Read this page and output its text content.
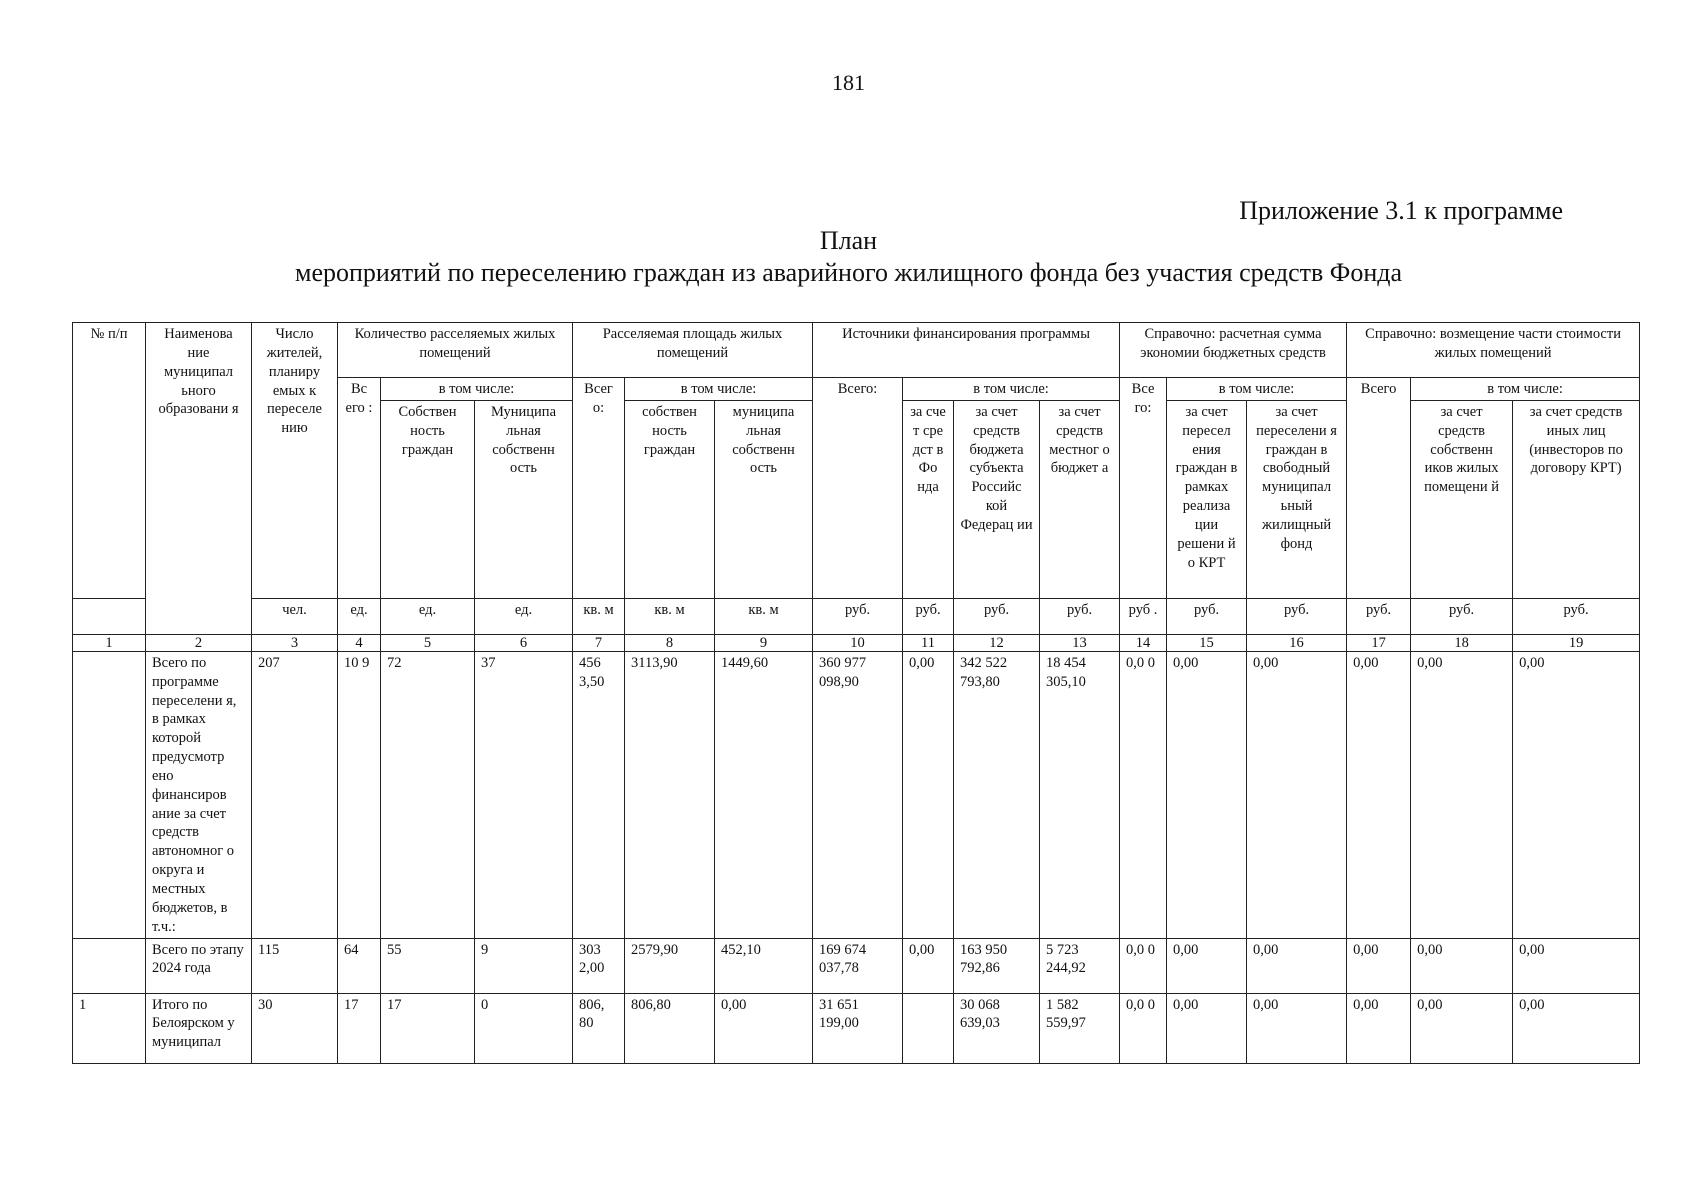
181
Приложение 3.1 к программе
План
мероприятий по переселению граждан из аварийного жилищного фонда без участия средств Фонда
№ п/п	Наименова ние муниципал ьного образовани я	Число жителей, планиру емых к переселе нию	Количество расселяемых жилых помещений			Расселяемая площадь жилых помещений			Источники финансирования программы				Справочно: расчетная сумма экономии бюджетных средств			Справочно: возмещение части стоимости жилых помещений		
			Вс его :	в том числе:		Всег о:	в том числе:		Всего:	в том числе:			Все го:	в том числе:		Всего	в том числе:	
				Собствен ность граждан	Муниципа льная собственн ость		собствен ность граждан	муниципа льная собственн ость		за сче т сре дст в Фо нда	за счет средств бюджета субъекта Российс кой Федерац ии	за счет средств местног о бюджет а		за счет пересел ения граждан в рамках реализа ции решени й о КРТ	за счет переселени я граждан в свободный муниципал ьный жилищный фонд		за счет средств собственн иков жилых помещени й	за счет средств иных лиц (инвесторов по договору КРТ)
		чел.	ед.	ед.	ед.	кв. м	кв. м	кв. м	руб.	руб.	руб.	руб.	руб .	руб.	руб.	руб.	руб.	руб.
1	2	3	4	5	6	7	8	9	10	11	12	13	14	15	16	17	18	19
	Всего по программе переселени я, в рамках которой предусмотр ено финансиров ание за счет средств автономног о округа и местных бюджетов, в т.ч.:	207	10 9	72	37	456 3,50	3113,90	1449,60	360 977 098,90	0,00	342 522 793,80	18 454 305,10	0,0 0	0,00	0,00	0,00	0,00	0,00
	Всего по этапу 2024 года	115	64	55	9	303 2,00	2579,90	452,10	169 674 037,78	0,00	163 950 792,86	5 723 244,92	0,0 0	0,00	0,00	0,00	0,00	0,00
1	Итого по Белоярском у муниципал	30	17	17	0	806, 80	806,80	0,00	31 651 199,00		30 068 639,03	1 582 559,97	0,0 0	0,00	0,00	0,00	0,00	0,00
